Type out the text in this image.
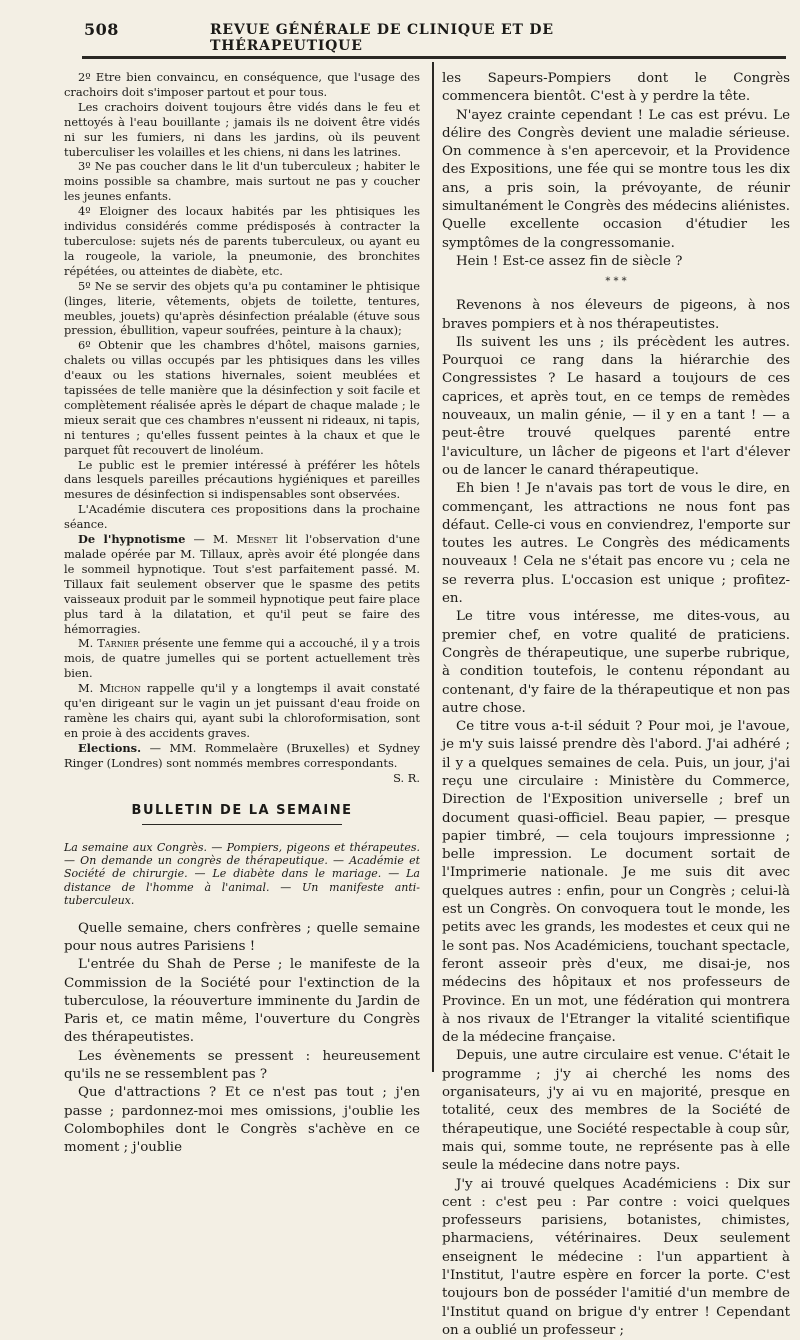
508	REVUE GÉNÉRALE DE CLINIQUE ET DE THÉRAPEUTIQUE

2º Etre bien convaincu, en conséquence, que l'usage des crachoirs doit s'imposer partout et pour tous.

Les crachoirs doivent toujours être vidés dans le feu et nettoyés à l'eau bouillante ; jamais ils ne doivent être vidés ni sur les fumiers, ni dans les jardins, où ils peuvent tuberculiser les volailles et les chiens, ni dans les latrines.

3º Ne pas coucher dans le lit d'un tuberculeux ; habiter le moins possible sa chambre, mais surtout ne pas y coucher les jeunes enfants.

4º Eloigner des locaux habités par les phtisiques les individus considérés comme prédisposés à contracter la tuberculose: sujets nés de parents tuberculeux, ou ayant eu la rougeole, la variole, la pneumonie, des bronchites répétées, ou atteintes de diabète, etc.

5º Ne se servir des objets qu'a pu contaminer le phtisique (linges, literie, vêtements, objets de toilette, tentures, meubles, jouets) qu'après désinfection préalable (étuve sous pression, ébullition, vapeur soufrées, peinture à la chaux);

6º Obtenir que les chambres d'hôtel, maisons garnies, chalets ou villas occupés par les phtisiques dans les villes d'eaux ou les stations hivernales, soient meublées et tapissées de telle manière que la désinfection y soit facile et complètement réalisée après le départ de chaque malade ; le mieux serait que ces chambres n'eussent ni rideaux, ni tapis, ni tentures ; qu'elles fussent peintes à la chaux et que le parquet fût recouvert de linoléum.

Le public est le premier intéressé à préférer les hôtels dans lesquels pareilles précautions hygiéniques et pareilles mesures de désinfection si indispensables sont observées.

L'Académie discutera ces propositions dans la prochaine séance.

De l'hypnotisme — M. Mesnet lit l'observation d'une malade opérée par M. Tillaux, après avoir été plongée dans le sommeil hypnotique. Tout s'est parfaitement passé. M. Tillaux fait seulement observer que le spasme des petits vaisseaux produit par le sommeil hypnotique peut faire place plus tard à la dilatation, et qu'il peut se faire des hémorragies.

M. Tarnier présente une femme qui a accouché, il y a trois mois, de quatre jumelles qui se portent actuellement très bien.

M. Michon rappelle qu'il y a longtemps il avait constaté qu'en dirigeant sur le vagin un jet puissant d'eau froide on ramène les chairs qui, ayant subi la chloroformisation, sont en proie à des accidents graves.

Elections. — MM. Rommelaère (Bruxelles) et Sydney Ringer (Londres) sont nommés membres correspondants.
S. R.

BULLETIN DE LA SEMAINE

La semaine aux Congrès. — Pompiers, pigeons et thérapeutes. — On demande un congrès de thérapeutique. — Académie et Société de chirurgie. — Le diabète dans le mariage. — La distance de l'homme à l'animal. — Un manifeste anti-tuberculeux.

Quelle semaine, chers confrères ; quelle semaine pour nous autres Parisiens !

L'entrée du Shah de Perse ; le manifeste de la Commission de la Société pour l'extinction de la tuberculose, la réouverture imminente du Jardin de Paris et, ce matin même, l'ouverture du Congrès des thérapeutistes.

Les évènements se pressent : heureusement qu'ils ne se ressemblent pas ?

Que d'attractions ? Et ce n'est pas tout ; j'en passe ; pardonnez-moi mes omissions, j'oublie les Colombophiles dont le Congrès s'achève en ce moment ; j'oublie

les Sapeurs-Pompiers dont le Congrès commencera bientôt. C'est à y perdre la tête.

N'ayez crainte cependant ! Le cas est prévu. Le délire des Congrès devient une maladie sérieuse. On commence à s'en apercevoir, et la Providence des Expositions, une fée qui se montre tous les dix ans, a pris soin, la prévoyante, de réunir simultanément le Congrès des médecins aliénistes. Quelle excellente occasion d'étudier les symptômes de la congressomanie.

Hein ! Est-ce assez fin de siècle ?

* * *

Revenons à nos éleveurs de pigeons, à nos braves pompiers et à nos thérapeutistes.

Ils suivent les uns ; ils précèdent les autres. Pourquoi ce rang dans la hiérarchie des Congressistes ? Le hasard a toujours de ces caprices, et après tout, en ce temps de remèdes nouveaux, un malin génie, — il y en a tant ! — a peut-être trouvé quelques parenté entre l'aviculture, un lâcher de pigeons et l'art d'élever ou de lancer le canard thérapeutique.

Eh bien ! Je n'avais pas tort de vous le dire, en commençant, les attractions ne nous font pas défaut. Celle-ci vous en conviendrez, l'emporte sur toutes les autres. Le Congrès des médicaments nouveaux ! Cela ne s'était pas encore vu ; cela ne se reverra plus. L'occasion est unique ; profitez-en.

Le titre vous intéresse, me dites-vous, au premier chef, en votre qualité de praticiens. Congrès de thérapeutique, une superbe rubrique, à condition toutefois, le contenu répondant au contenant, d'y faire de la thérapeutique et non pas autre chose.

Ce titre vous a-t-il séduit ? Pour moi, je l'avoue, je m'y suis laissé prendre dès l'abord. J'ai adhéré ; il y a quelques semaines de cela. Puis, un jour, j'ai reçu une circulaire : Ministère du Commerce, Direction de l'Exposition universelle ; bref un document quasi-officiel. Beau papier, — presque papier timbré, — cela toujours impressionne ; belle impression. Le document sortait de l'Imprimerie nationale. Je me suis dit avec quelques autres : enfin, pour un Congrès ; celui-là est un Congrès. On convoquera tout le monde, les petits avec les grands, les modestes et ceux qui ne le sont pas. Nos Académiciens, touchant spectacle, feront asseoir près d'eux, me disai-je, nos médecins des hôpitaux et nos professeurs de Province. En un mot, une fédération qui montrera à nos rivaux de l'Etranger la vitalité scientifique de la médecine française.

Depuis, une autre circulaire est venue. C'était le programme ; j'y ai cherché les noms des organisateurs, j'y ai vu en majorité, presque en totalité, ceux des membres de la Société de thérapeutique, une Société respectable à coup sûr, mais qui, somme toute, ne représente pas à elle seule la médecine dans notre pays.

J'y ai trouvé quelques Académiciens : Dix sur cent : c'est peu : Par contre : voici quelques professeurs parisiens, botanistes, chimistes, pharmaciens, vétérinaires. Deux seulement enseignent le médecine : l'un appartient à l'Institut, l'autre espère en forcer la porte. C'est toujours bon de posséder l'amitié d'un membre de l'Institut quand on brigue d'y entrer ! Cependant on a oublié un professeur ;
